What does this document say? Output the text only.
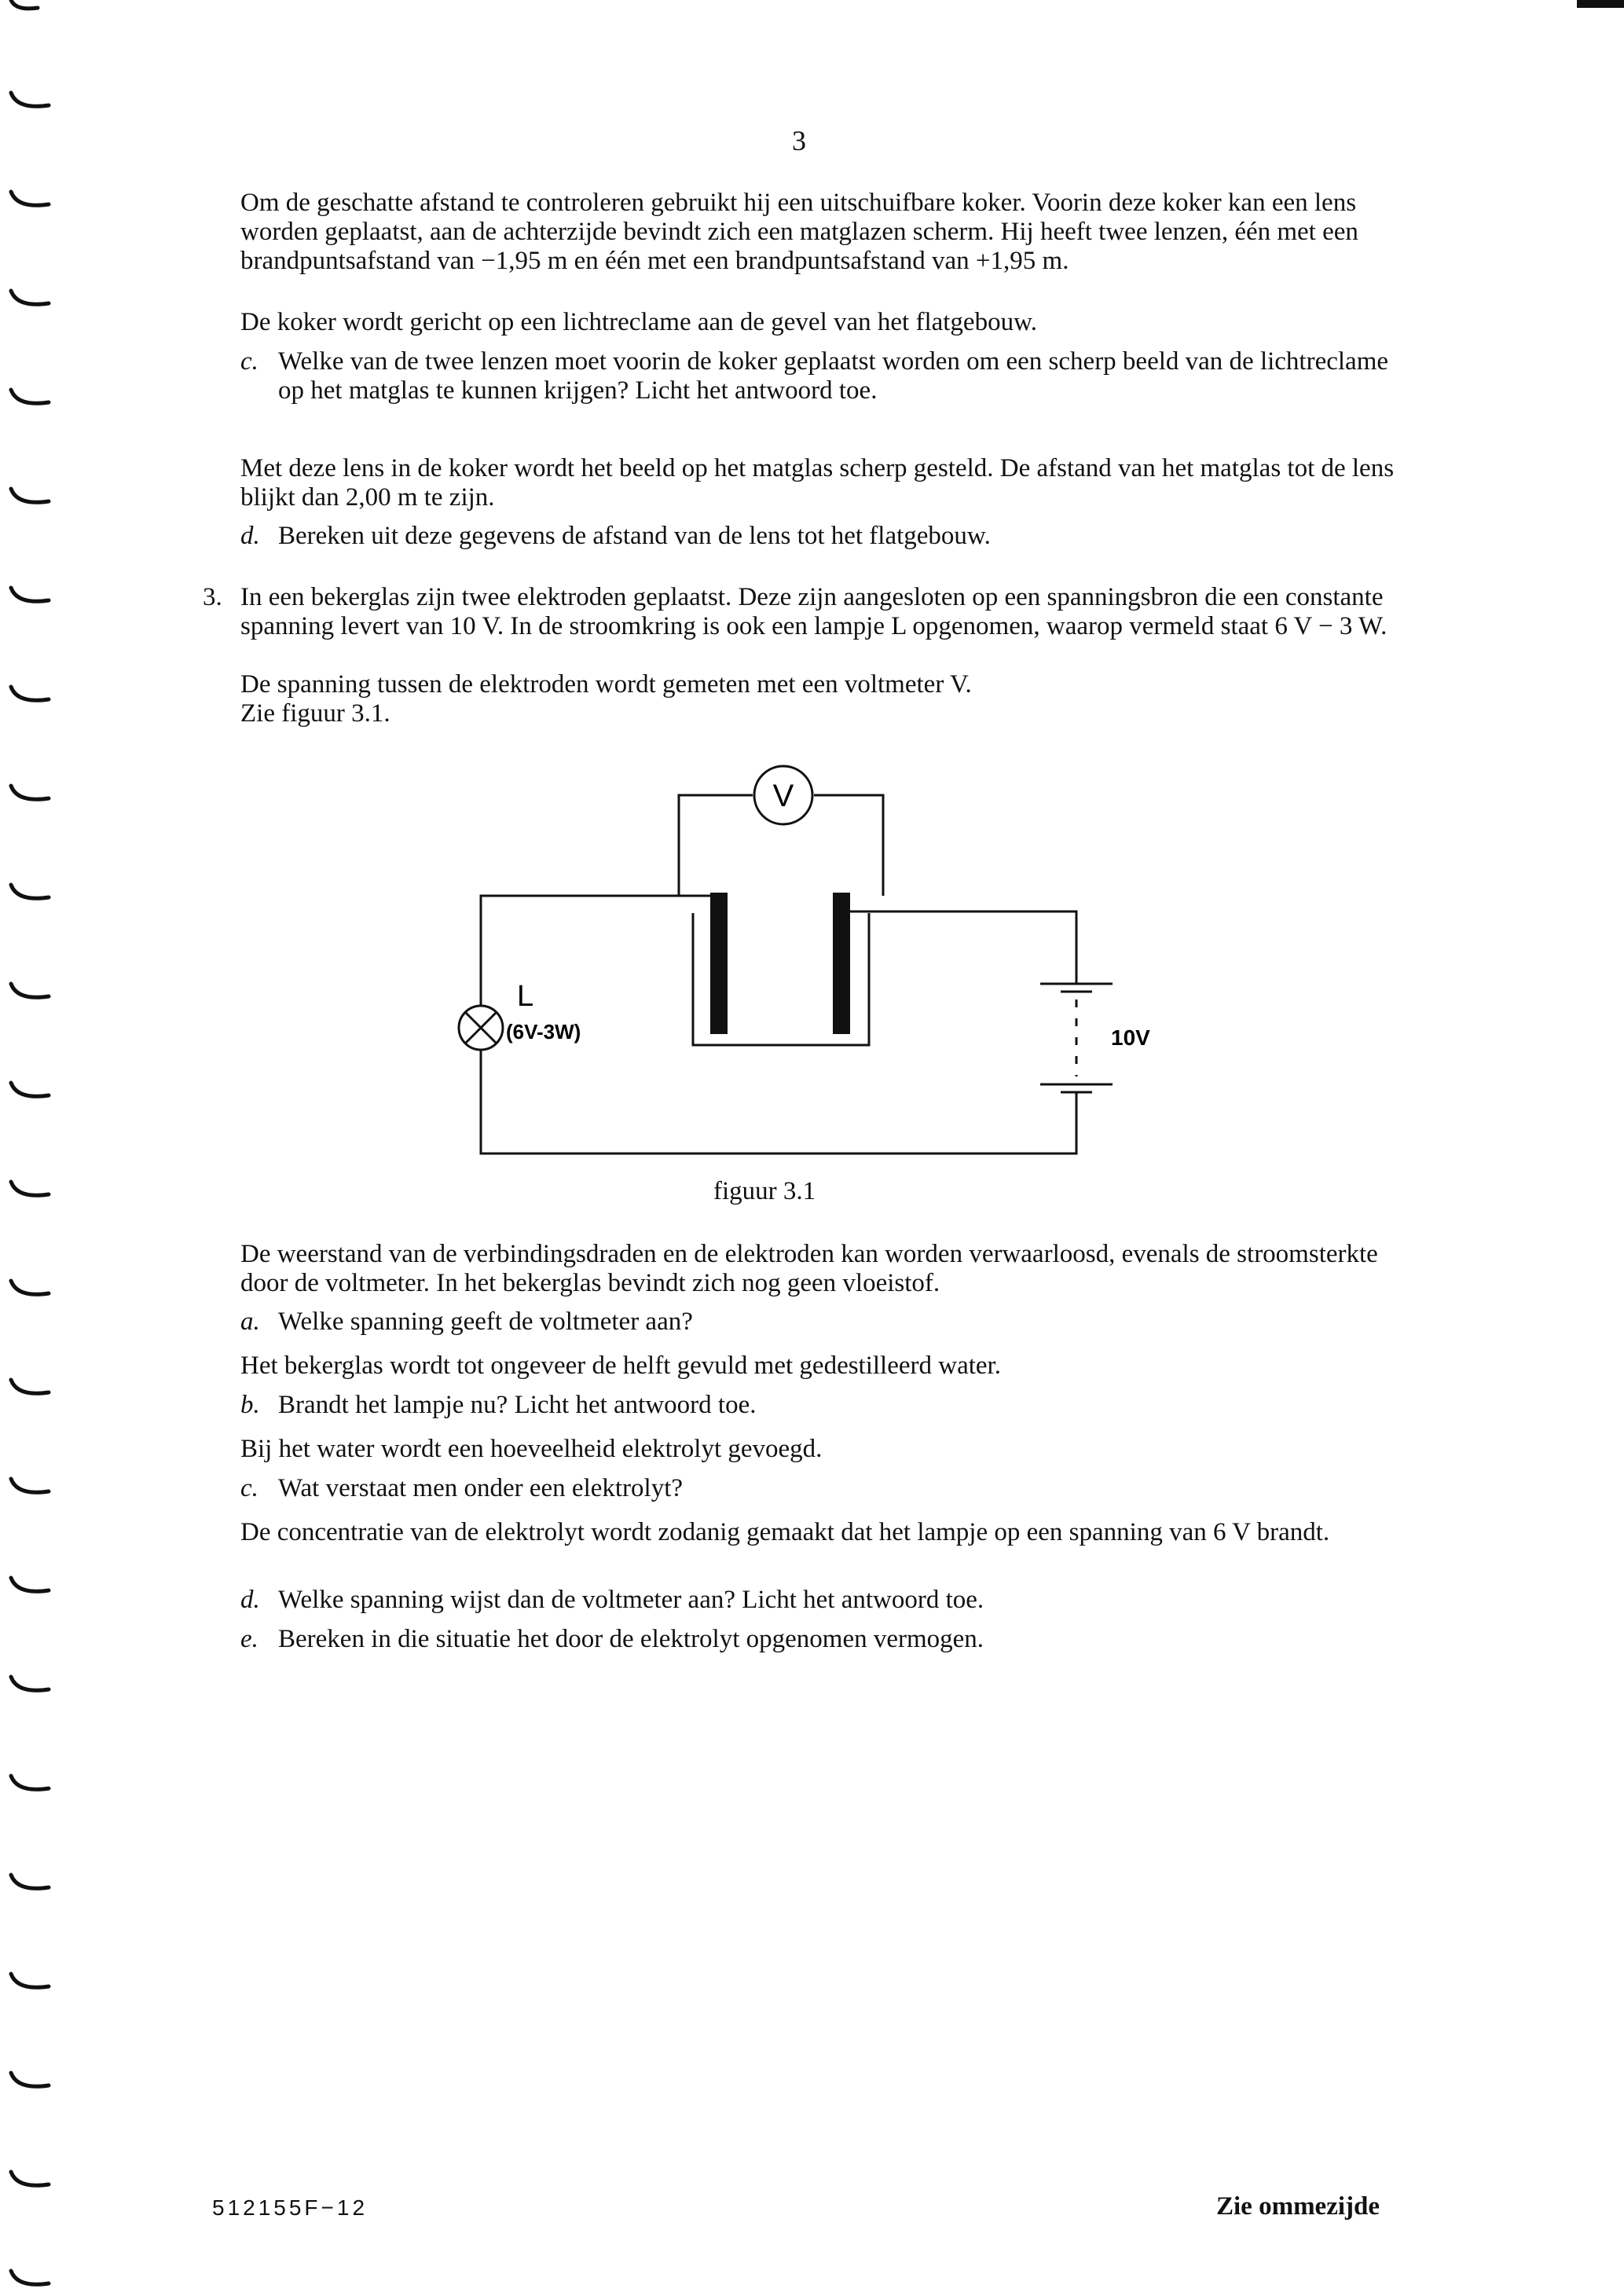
3

Om de geschatte afstand te controleren gebruikt hij een uitschuifbare koker. Voorin deze koker kan een lens worden geplaatst, aan de achterzijde bevindt zich een matglazen scherm. Hij heeft twee lenzen, één met een brandpuntsafstand van −1,95 m en één met een brandpuntsafstand van +1,95 m.

De koker wordt gericht op een lichtreclame aan de gevel van het flatgebouw.

c. Welke van de twee lenzen moet voorin de koker geplaatst worden om een scherp beeld van de lichtreclame op het matglas te kunnen krijgen? Licht het antwoord toe.

Met deze lens in de koker wordt het beeld op het matglas scherp gesteld. De afstand van het matglas tot de lens blijkt dan 2,00 m te zijn.

d. Bereken uit deze gegevens de afstand van de lens tot het flatgebouw.
3. In een bekerglas zijn twee elektroden geplaatst. Deze zijn aangesloten op een spanningsbron die een constante spanning levert van 10 V. In de stroomkring is ook een lampje L opgenomen, waarop vermeld staat 6 V − 3 W.

De spanning tussen de elektroden wordt gemeten met een voltmeter V.

Zie figuur 3.1.

V
L
(6V-3W)	10V
figuur 3.1

De weerstand van de verbindingsdraden en de elektroden kan worden verwaarloosd, evenals de stroomsterkte door de voltmeter. In het bekerglas bevindt zich nog geen vloeistof.

a. Welke spanning geeft de voltmeter aan?

Het bekerglas wordt tot ongeveer de helft gevuld met gedestilleerd water.

b. Brandt het lampje nu? Licht het antwoord toe.

Bij het water wordt een hoeveelheid elektrolyt gevoegd.

c. Wat verstaat men onder een elektrolyt?

De concentratie van de elektrolyt wordt zodanig gemaakt dat het lampje op een spanning van 6 V brandt.

d. Welke spanning wijst dan de voltmeter aan? Licht het antwoord toe.
e. Bereken in die situatie het door de elektrolyt opgenomen vermogen.
512155F−12	Zie ommezijde
